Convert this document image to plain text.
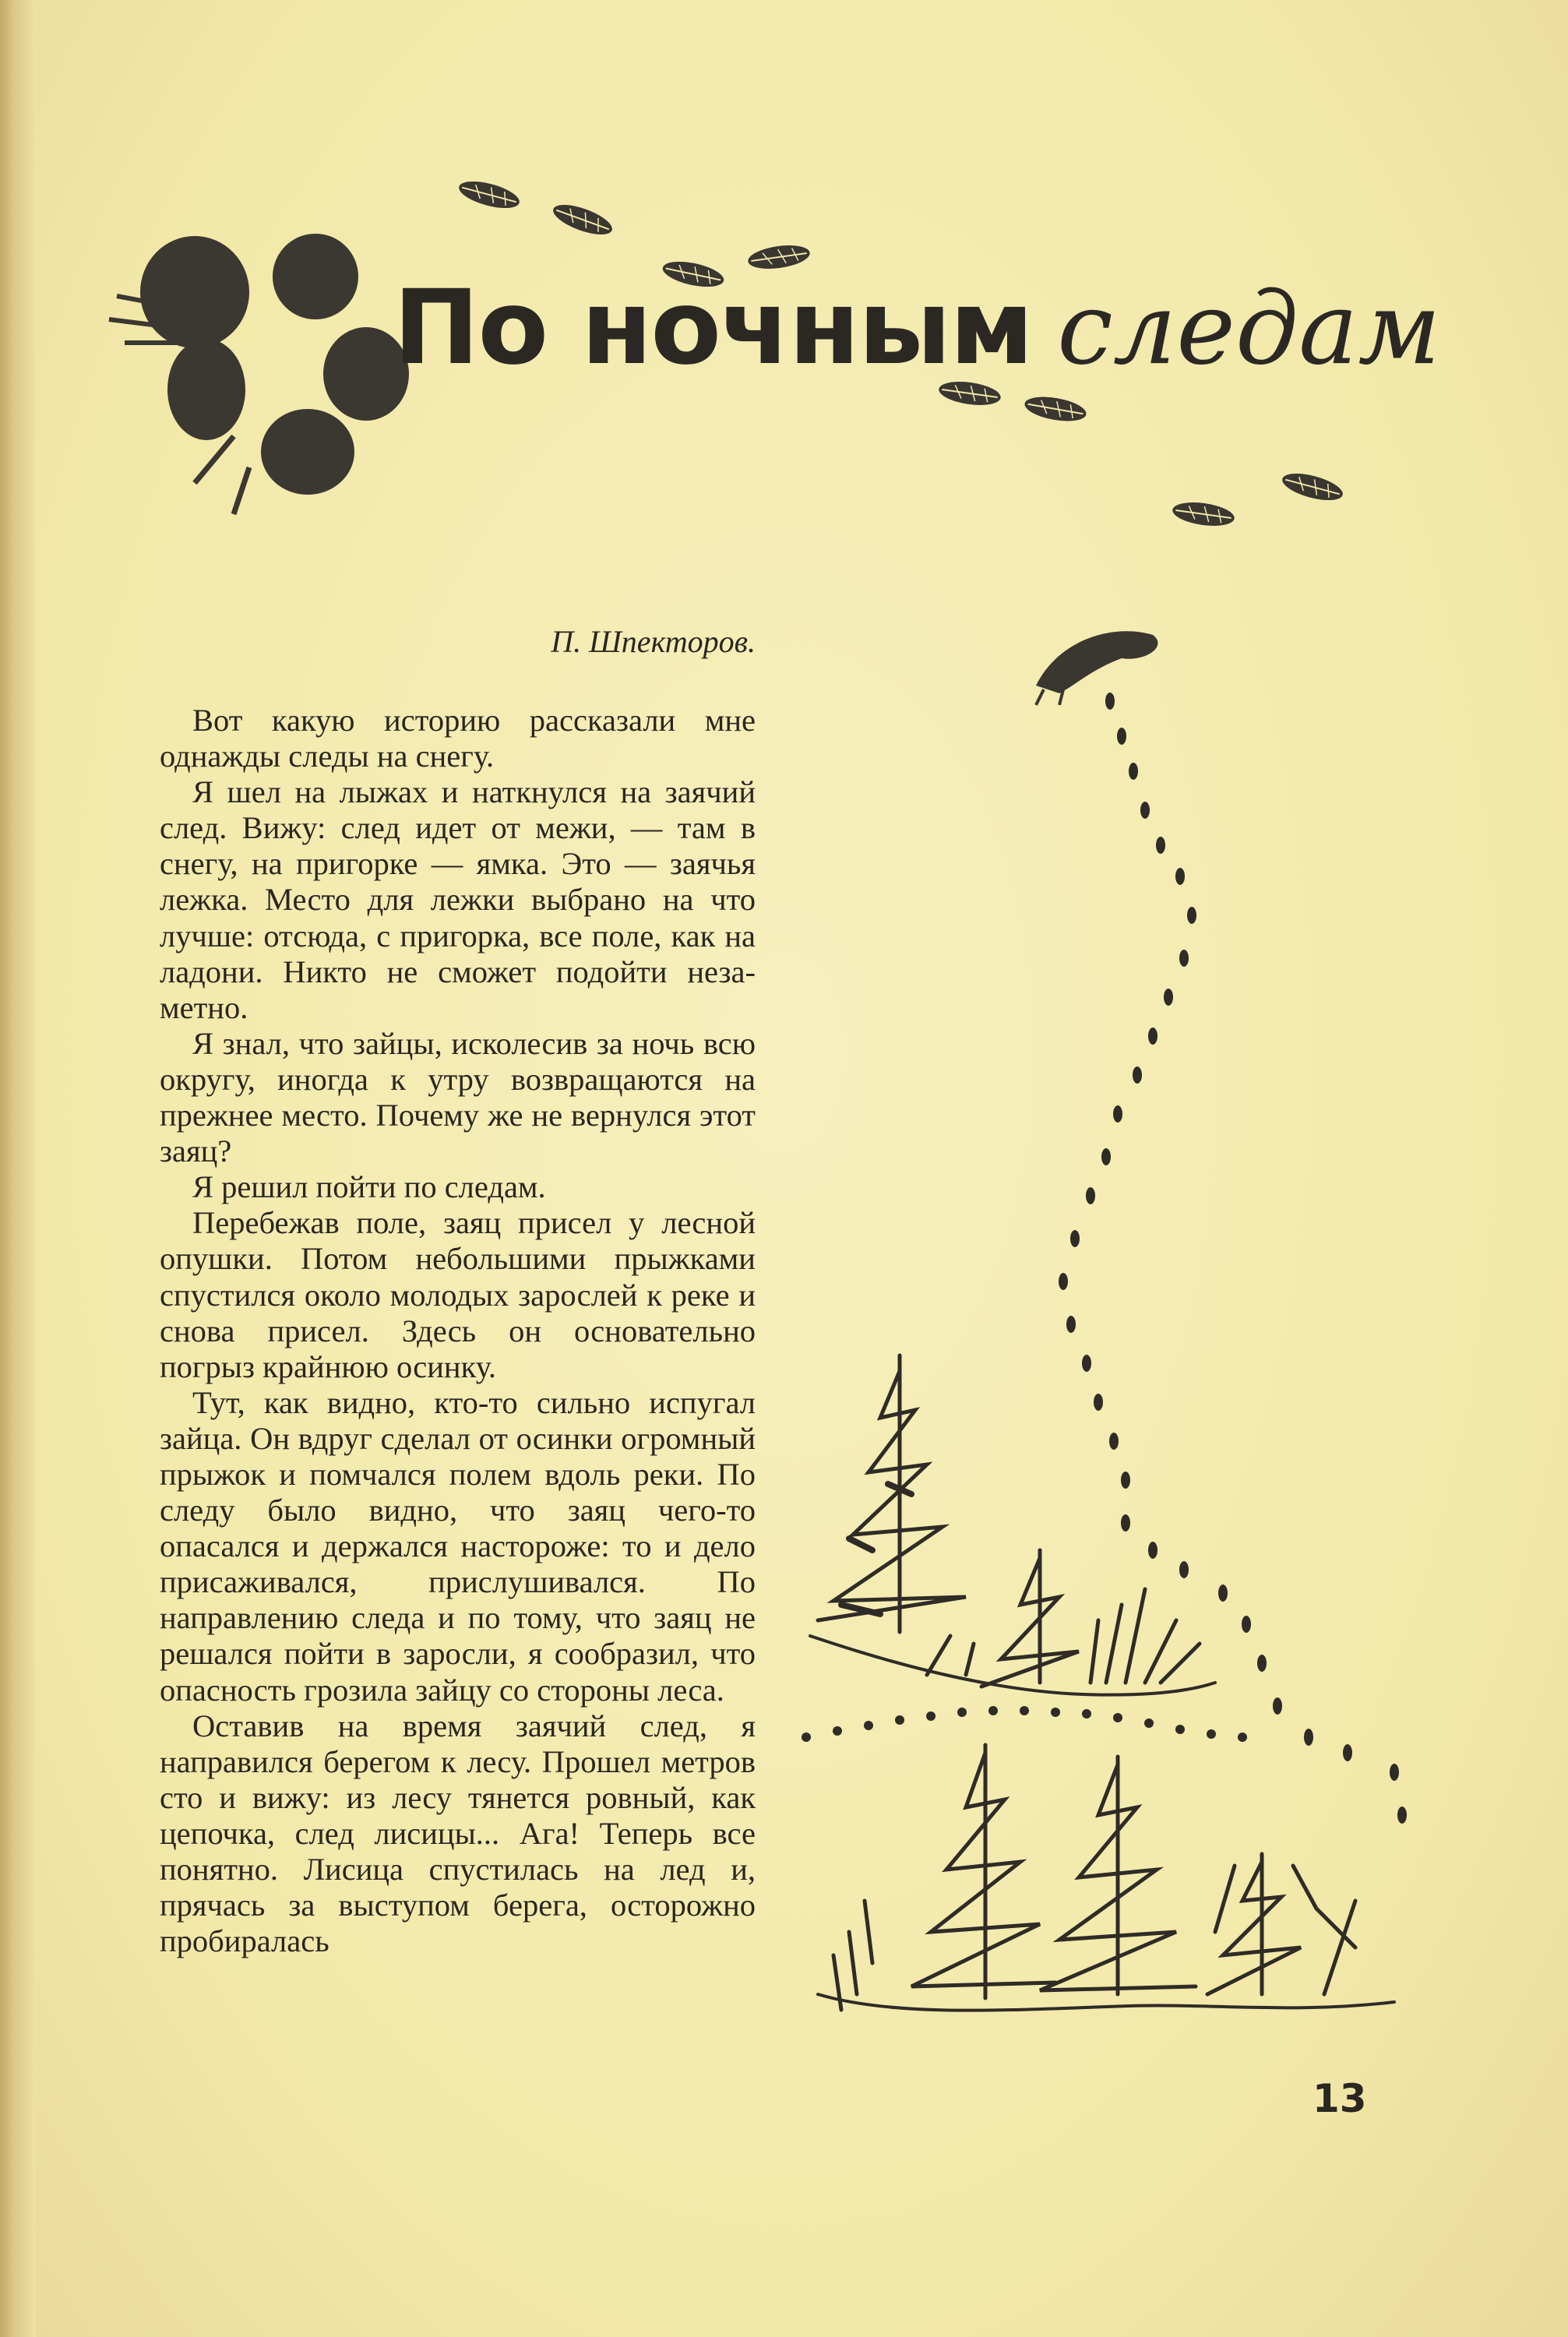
По ночным следам
П. Шпекторов.

Вот какую историю рассказали мне однажды следы на снегу.

Я шел на лыжах и наткнулся на заячий след. Вижу: след идет от межи, — там в снегу, на пригорке — ямка. Это — заячья лежка. Место для лежки выбрано на что лучше: отсюда, с пригорка, все поле, как на ладони. Никто не сможет подойти незаметно.

Я знал, что зайцы, исколесив за ночь всю округу, иногда к утру возвращаются на прежнее место. Почему же не вернулся этот заяц?

Я решил пойти по следам.

Перебежав поле, заяц присел у лесной опушки. Потом небольшими прыжками спустился около молодых зарослей к реке и снова присел. Здесь он основательно погрыз крайнюю осинку.

Тут, как видно, кто-то сильно испугал зайца. Он вдруг сделал от осинки огромный прыжок и помчался полем вдоль реки. По следу было видно, что заяц чего-то опасался и держался настороже: то и дело присаживался, прислушивался. По направлению следа и по тому, что заяц не решался пойти в заросли, я сообразил, что опасность грозила зайцу со стороны леса.

Оставив на время заячий след, я направился берегом к лесу. Прошел метров сто и вижу: из лесу тянется ровный, как цепочка, след лисицы... Ага! Теперь все понятно. Лисица спустилась на лед и, прячась за выступом берега, осторожно пробиралась

13
